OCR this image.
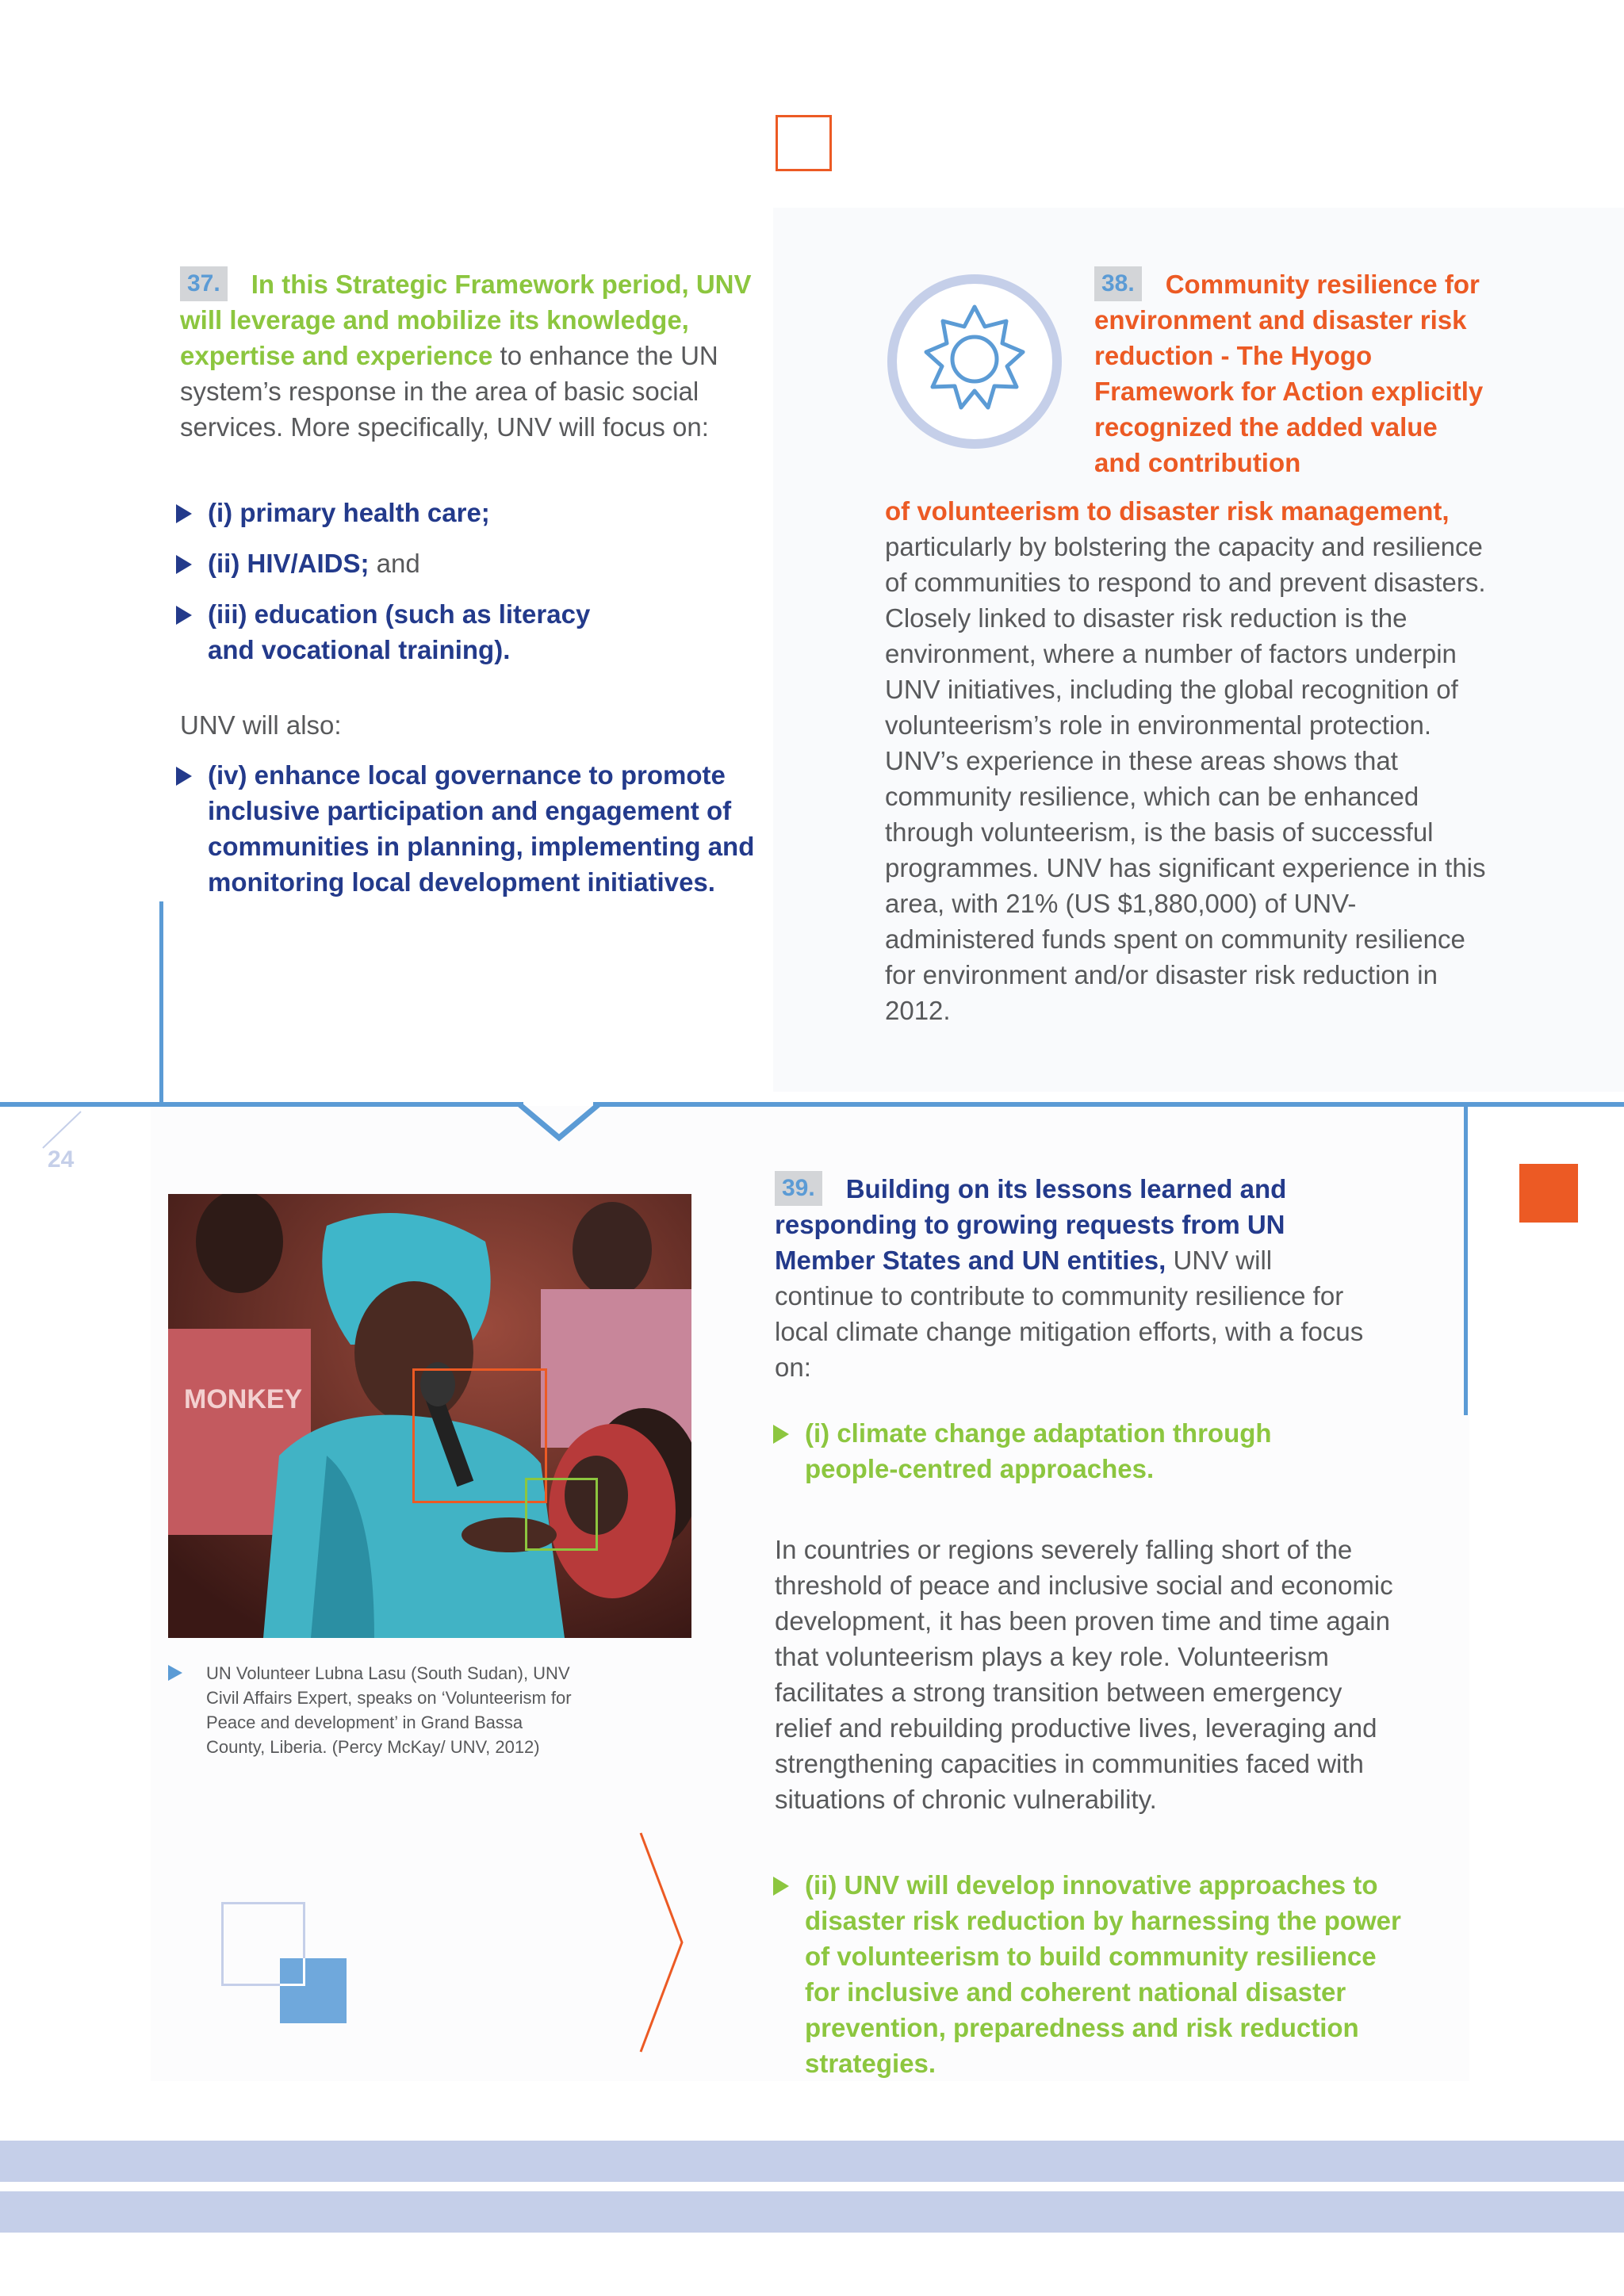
37. In this Strategic Framework period, UNV will leverage and mobilize its knowledge, expertise and experience to enhance the UN system’s response in the area of basic social services. More specifically, UNV will focus on:
(i) primary health care;
(ii) HIV/AIDS; and
(iii) education (such as literacy and vocational training).
UNV will also:
(iv) enhance local governance to promote inclusive participation and engagement of communities in planning, implementing and monitoring local development initiatives.
38. Community resilience for environment and disaster risk reduction - The Hyogo Framework for Action explicitly recognized the added value and contribution
of volunteerism to disaster risk management,
particularly by bolstering the capacity and resilience of communities to respond to and prevent disasters. Closely linked to disaster risk reduction is the environment, where a number of factors underpin UNV initiatives, including the global recognition of volunteerism’s role in environmental protection. UNV’s experience in these areas shows that community resilience, which can be enhanced through volunteerism, is the basis of successful programmes. UNV has significant experience in this area, with 21% (US $1,880,000) of UNV-administered funds spent on community resilience for environment and/or disaster risk reduction in 2012.
24
MONKEY
UN Volunteer Lubna Lasu (South Sudan), UNV Civil Affairs Expert, speaks on ‘Volunteerism for Peace and development’ in Grand Bassa County, Liberia. (Percy McKay/ UNV, 2012)
39. Building on its lessons learned and responding to growing requests from UN Member States and UN entities, UNV will continue to contribute to community resilience for local climate change mitigation efforts, with a focus on:
(i) climate change adaptation through people-centred approaches.
In countries or regions severely falling short of the threshold of peace and inclusive social and economic development, it has been proven time and time again that volunteerism plays a key role. Volunteerism facilitates a strong transition between emergency relief and rebuilding productive lives, leveraging and strengthening capacities in communities faced with situations of chronic vulnerability.
(ii) UNV will develop innovative approaches to disaster risk reduction by harnessing the power of volunteerism to build community resilience for inclusive and coherent national disaster prevention, preparedness and risk reduction strategies.
